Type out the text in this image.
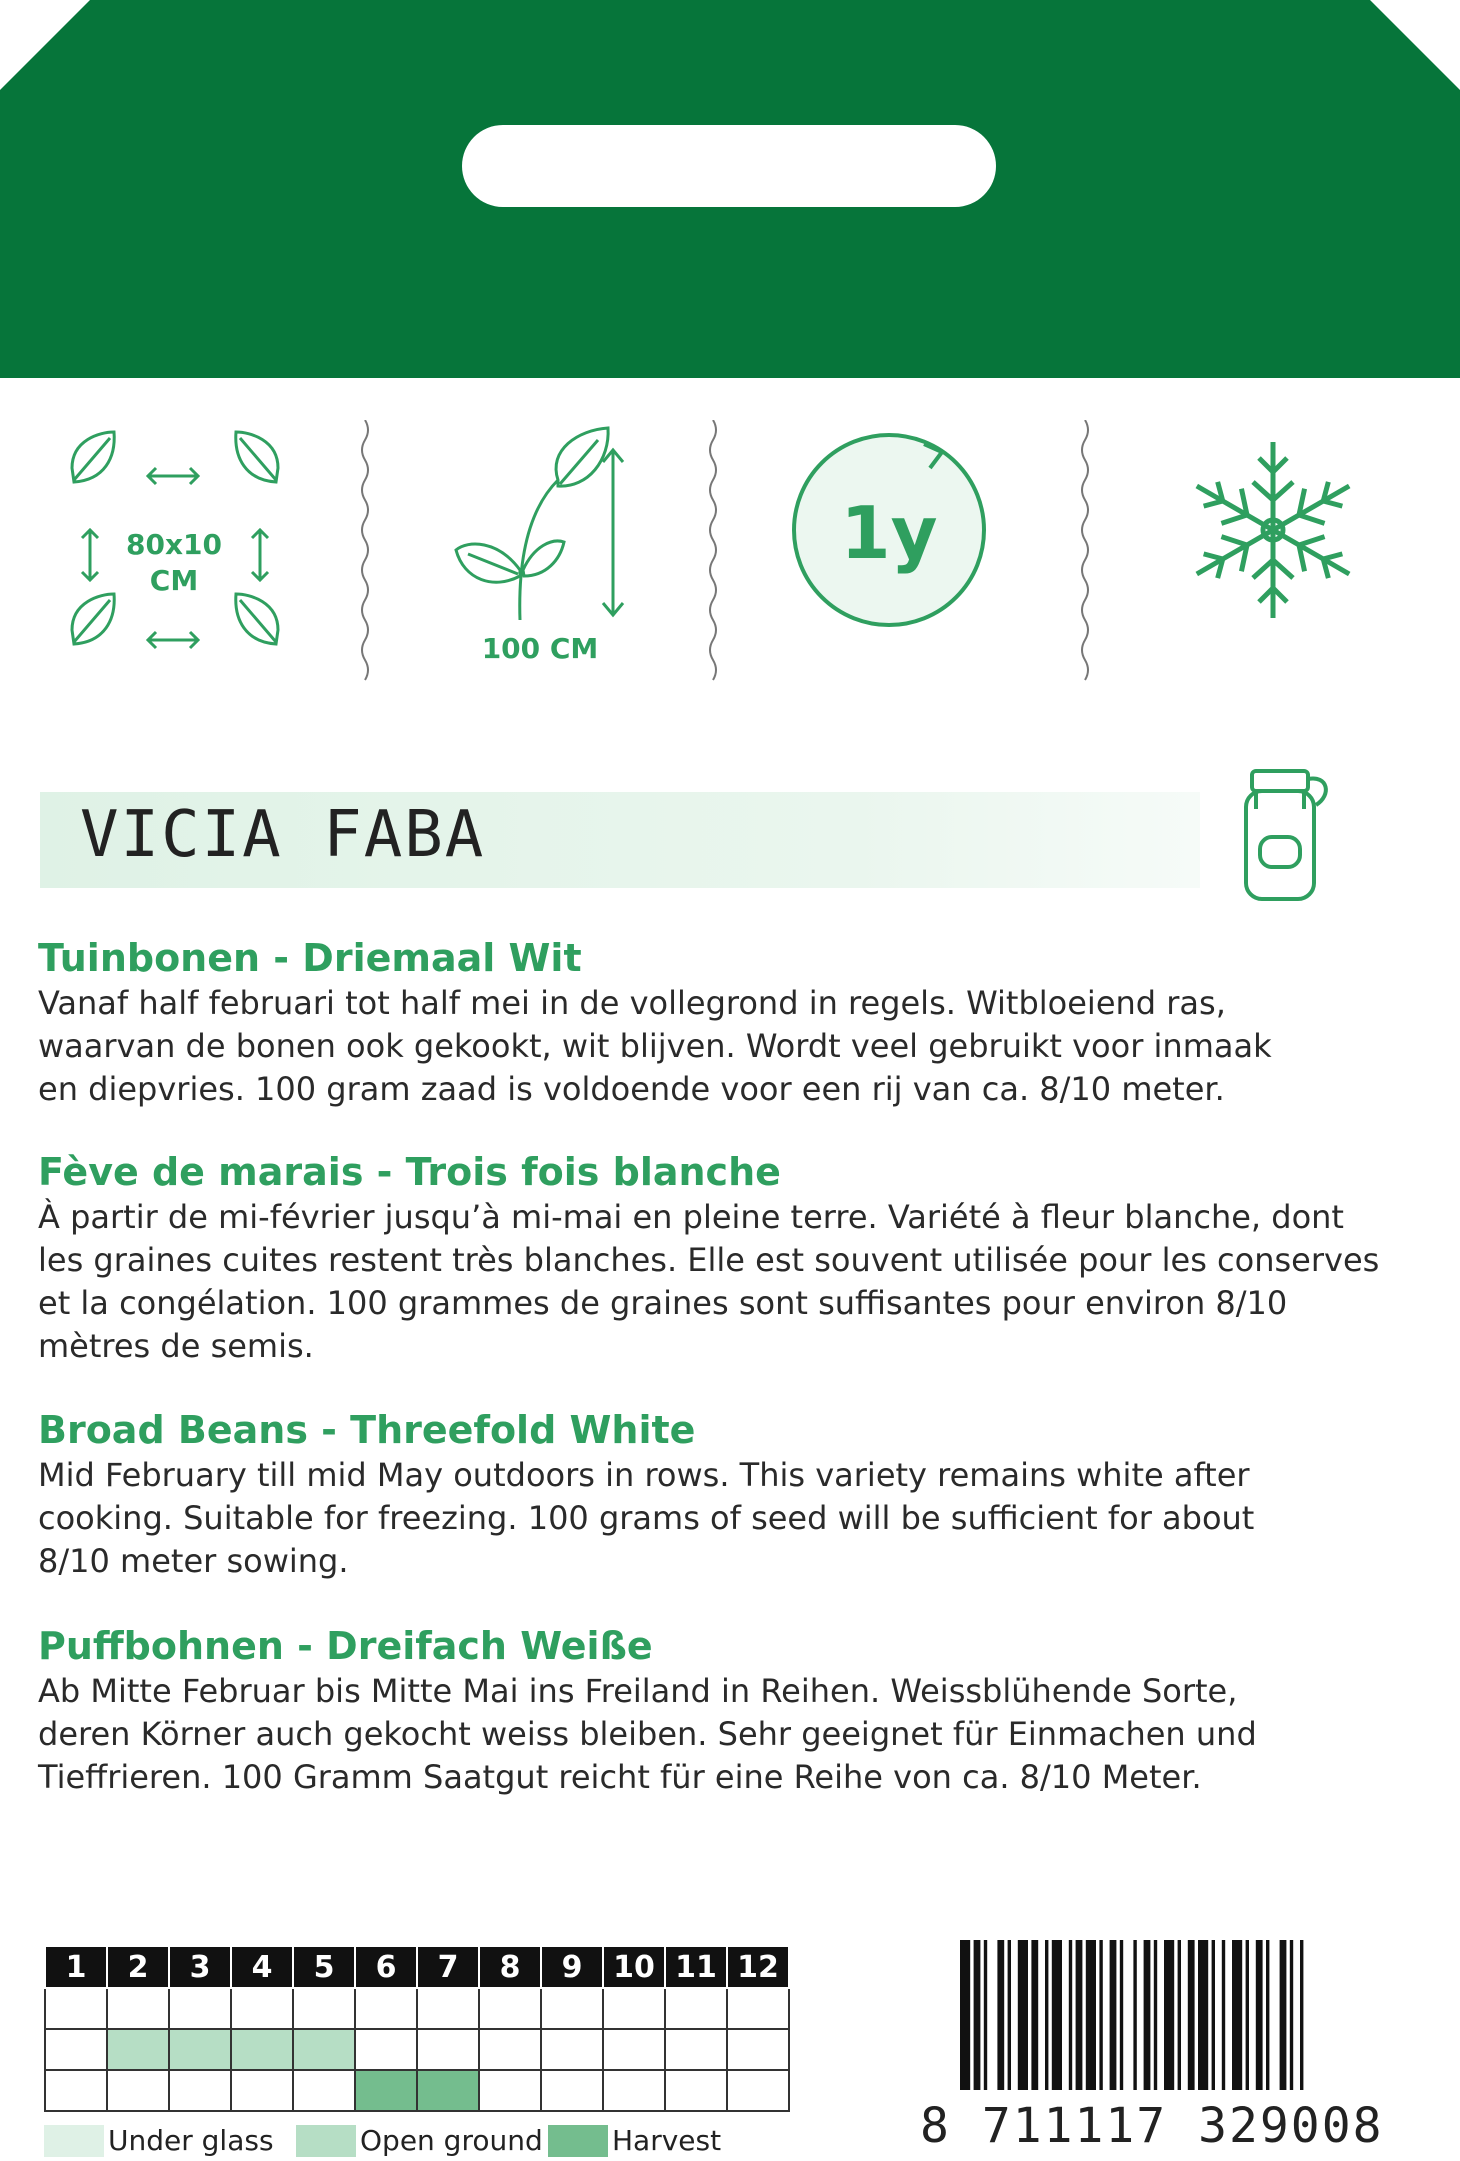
80x10
CM
100 CM
1y
VICIA FABA
Tuinbonen - Driemaal Wit

Vanaf half februari tot half mei in de vollegrond in regels. Witbloeiend ras,

waarvan de bonen ook gekookt, wit blijven. Wordt veel gebruikt voor inmaak

en diepvries. 100 gram zaad is voldoende voor een rij van ca. 8/10 meter.

Fève de marais - Trois fois blanche

À partir de mi-février jusqu’à mi-mai en pleine terre. Variété à fleur blanche, dont

les graines cuites restent très blanches. Elle est souvent utilisée pour les conserves

et la congélation. 100 grammes de graines sont suffisantes pour environ 8/10

mètres de semis.

Broad Beans - Threefold White

Mid February till mid May outdoors in rows. This variety remains white after

cooking. Suitable for freezing. 100 grams of seed will be sufficient for about

8/10 meter sowing.

Puffbohnen - Dreifach Weiße

Ab Mitte Februar bis Mitte Mai ins Freiland in Reihen. Weissblühende Sorte,

deren Körner auch gekocht weiss bleiben. Sehr geeignet für Einmachen und

Tieffrieren. 100 Gramm Saatgut reicht für eine Reihe von ca. 8/10 Meter.

1	2	3	4	5	6	7	8	9	10	11	12

Under glass	Open ground	Harvest	8 711117 329008
